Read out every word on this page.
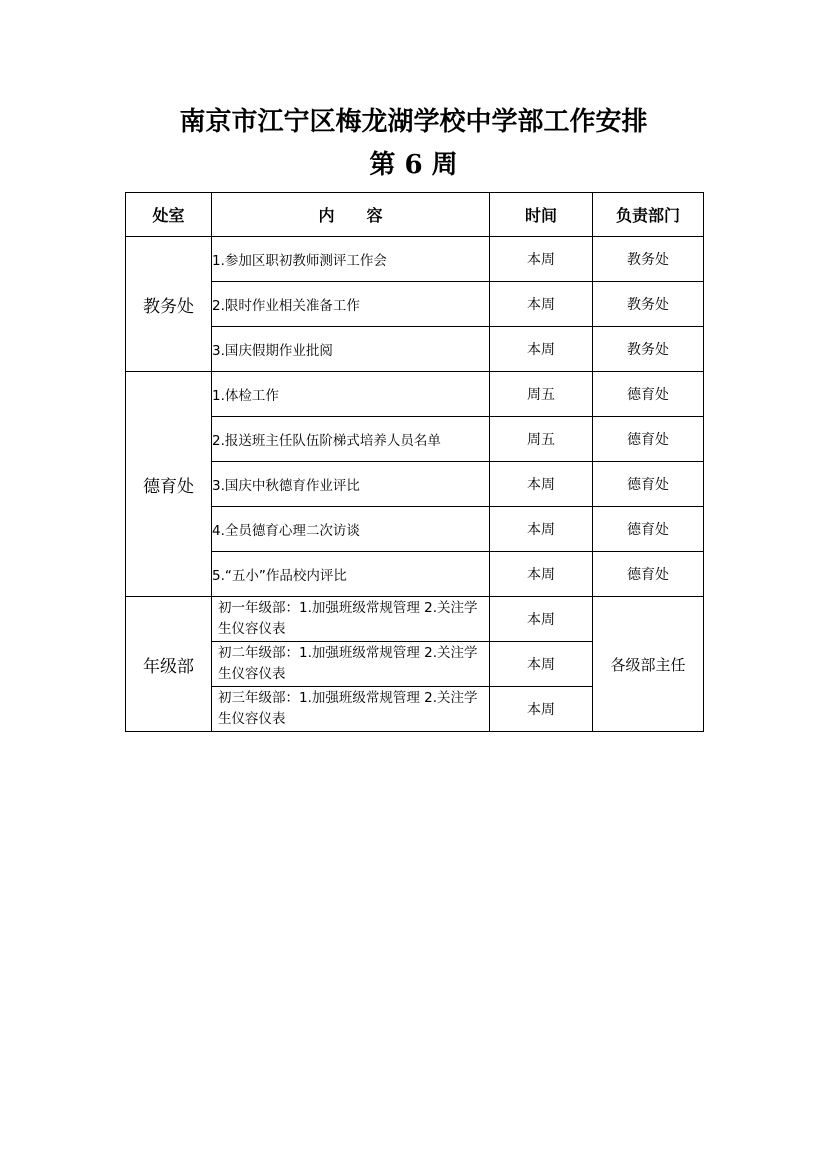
南京市江宁区梅龙湖学校中学部工作安排
第 6 周
处室	内　　容	时间	负责部门
教务处	1.参加区职初教师测评工作会	本周	教务处
	2.限时作业相关准备工作	本周	教务处
	3.国庆假期作业批阅	本周	教务处
德育处	1.体检工作	周五	德育处
	2.报送班主任队伍阶梯式培养人员名单	周五	德育处
	3.国庆中秋德育作业评比	本周	德育处
	4.全员德育心理二次访谈	本周	德育处
	5.“五小”作品校内评比	本周	德育处
年级部	初一年级部：1.加强班级常规管理 2.关注学生仪容仪表	本周	各级部主任
	初二年级部：1.加强班级常规管理 2.关注学生仪容仪表	本周	
	初三年级部：1.加强班级常规管理 2.关注学生仪容仪表	本周	
